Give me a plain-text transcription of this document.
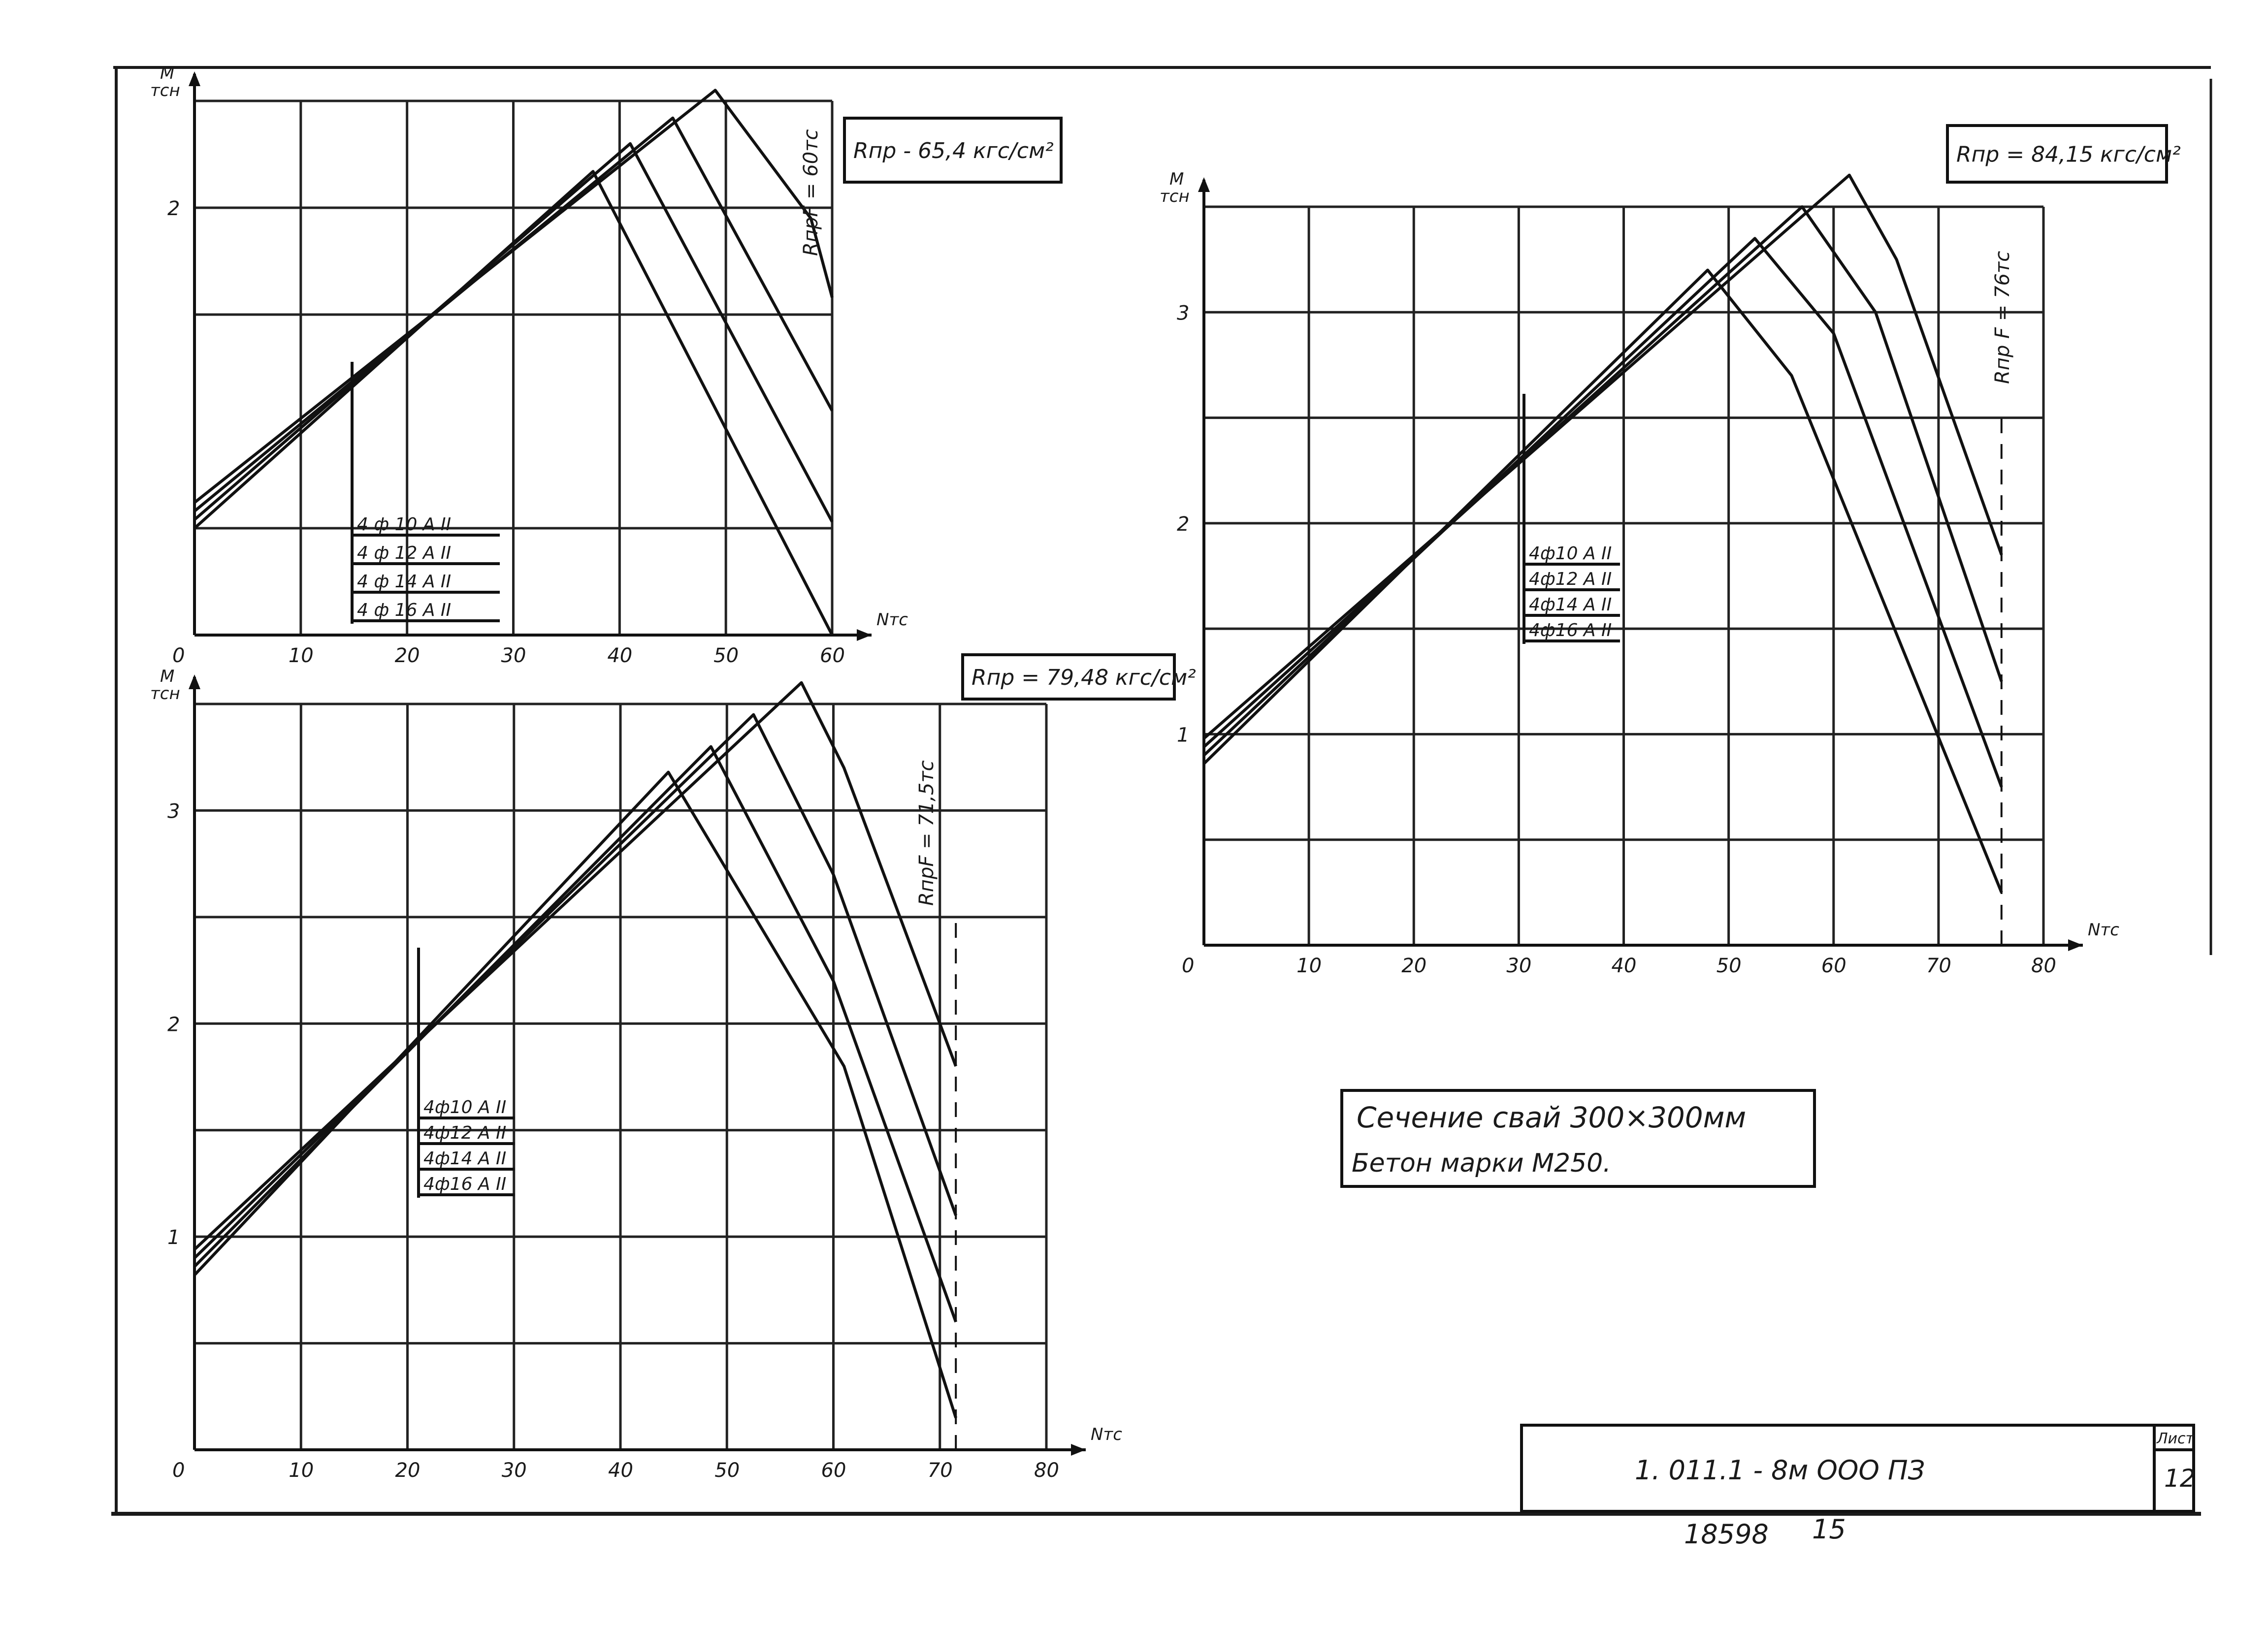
0	10	20	30	40	50	60
2
M
тсн
Nтс
RпрF = 60тс Rпр - 65,4 кгс/см²
4 ф 10 A II
4 ф 12 A II
4 ф 14 A II
4 ф 16 A II
0	10	20	30	40	50	60	70	80
1
2
3
M
тсн
Nтс
RпрF = 71,5тс
Rпр = 79,48 кгс/см²
4ф10 A II
4ф12 A II
4ф14 A II
4ф16 A II
0	10	20	30	40	50	60	70	80
1
2
3
M
тсн
Nтс
Rпр F = 76тс
Rпр = 84,15 кгс/см²
4ф10 A II
4ф12 A II
4ф14 A II
4ф16 A II
Сечение свай 300×300мм
Бетон марки М250.
1. 011.1 - 8м ООО ПЗ
Лист
12
18598 15
